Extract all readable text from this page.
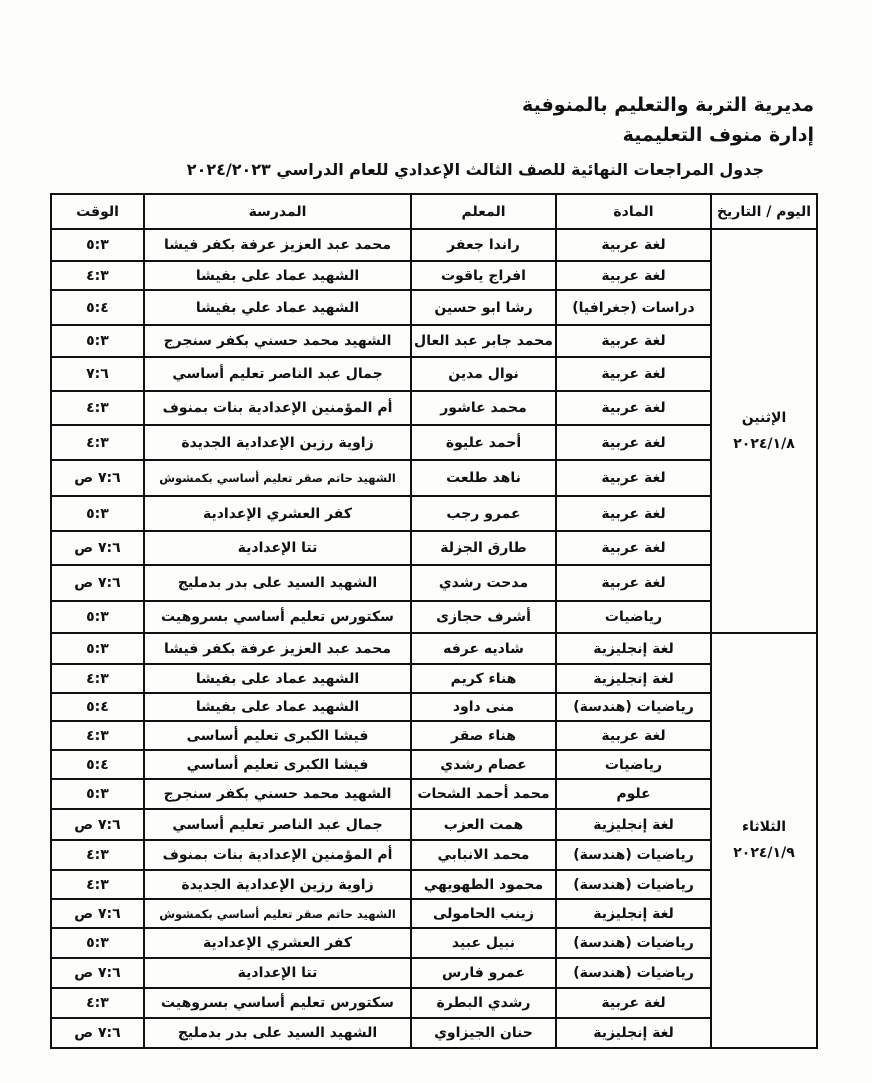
مديرية التربة والتعليم بالمنوفية
إدارة منوف التعليمية
جدول المراجعات النهائية للصف الثالث الإعدادي للعام الدراسي ٢٠٢٤/٢٠٢٣
اليوم / التاريخ	المادة	المعلم	المدرسة	الوقت

الإثنين
٢٠٢٤/١/٨	لغة عربية	راندا جعفر	محمد عبد العزيز عرفة بكفر فيشا	٥:٣
	لغة عربية	افراج ياقوت	الشهيد عماد على بفيشا	٤:٣
	دراسات (جغرافيا)	رشا ابو حسين	الشهيد عماد علي بفيشا	٥:٤
	لغة عربية	محمد جابر عبد العال	الشهيد محمد حسني بكفر سنجرج	٥:٣
	لغة عربية	نوال مدين	جمال عبد الناصر تعليم أساسي	٧:٦
	لغة عربية	محمد عاشور	أم المؤمنين الإعدادية بنات بمنوف	٤:٣
	لغة عربية	أحمد عليوة	زاوية رزين الإعدادية الجديدة	٤:٣
	لغة عربية	ناهد طلعت	الشهيد حاتم صقر تعليم أساسي بكمشوش	٧:٦ ص
	لغة عربية	عمرو رجب	كفر العشري الإعدادية	٥:٣
	لغة عربية	طارق الجزلة	تتا الإعدادية	٧:٦ ص
	لغة عربية	مدحت رشدي	الشهيد السيد على بدر بدمليج	٧:٦ ص
	رياضيات	أشرف حجازى	سكتورس تعليم أساسي بسروهيت	٥:٣

الثلاثاء
٢٠٢٤/١/٩	لغة إنجليزية	شاديه عرفه	محمد عبد العزيز عرفة بكفر فيشا	٥:٣
	لغة إنجليزية	هناء كريم	الشهيد عماد على بفيشا	٤:٣
	رياضيات (هندسة)	منى داود	الشهيد عماد على بفيشا	٥:٤
	لغة عربية	هناء صقر	فيشا الكبرى تعليم أساسى	٤:٣
	رياضيات	عصام رشدي	فيشا الكبرى تعليم أساسي	٥:٤
	علوم	محمد أحمد الشحات	الشهيد محمد حسني بكفر سنجرج	٥:٣
	لغة إنجليزية	همت العزب	جمال عبد الناصر تعليم أساسي	٧:٦ ص
	رياضيات (هندسة)	محمد الانبابي	أم المؤمنين الإعدادية بنات بمنوف	٤:٣
	رياضيات (هندسة)	محمود الطهويهي	زاوية رزين الإعدادية الجديدة	٤:٣
	لغة إنجليزية	زينب الحامولى	الشهيد حاتم صقر تعليم أساسي بكمشوش	٧:٦ ص
	رياضيات (هندسة)	نبيل عبيد	كفر العشري الإعدادية	٥:٣
	رياضيات (هندسة)	عمرو فارس	تتا الإعدادية	٧:٦ ص
	لغة عربية	رشدي البطرة	سكتورس تعليم أساسي بسروهيت	٤:٣
	لغة إنجليزية	حنان الجيزاوي	الشهيد السيد على بدر بدمليج	٧:٦ ص
